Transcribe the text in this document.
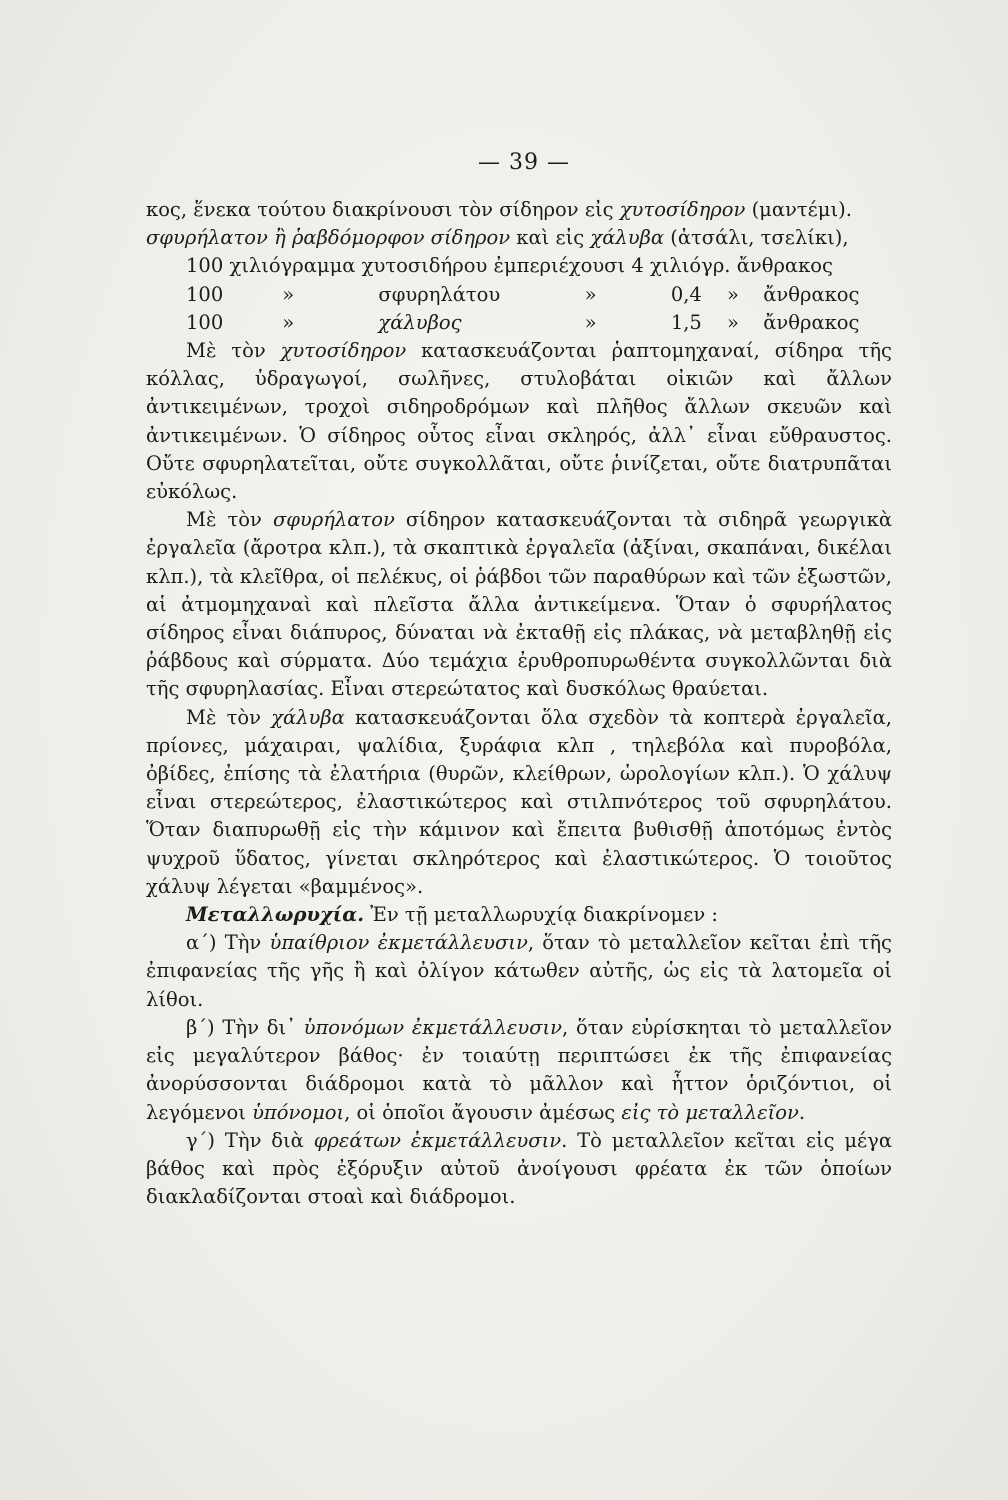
— 39 —

κος, ἕνεκα τούτου διακρίνουσι τὸν σίδηρον εἰς χυτοσίδηρον (μαντέμι).
σφυρήλατον ἢ ῥαβδόμορφον σίδηρον καὶ εἰς χάλυβα (ἀτσάλι, τσελίκι),

100 χιλιόγραμμα χυτοσιδήρου ἐμπεριέχουσι 4 χιλιόγρ. ἄνθρακος
100	»	σφυρηλάτου	»	0,4 » ἄνθρακος
100	»	χάλυβος	»	1,5 » ἄνθρακος

Μὲ τὸν χυτοσίδηρον κατασκευάζονται ῥαπτομηχαναί, σίδηρα τῆς κόλλας, ὑδραγωγοί, σωλῆνες, στυλοβάται οἰκιῶν καὶ ἄλλων ἀντικειμένων, τροχοὶ σιδηροδρόμων καὶ πλῆθος ἄλλων σκευῶν καὶ ἀντικειμένων. Ὁ σίδηρος οὗτος εἶναι σκληρός, ἀλλ᾽ εἶναι εὔθραυστος. Οὔτε σφυρηλατεῖται, οὔτε συγκολλᾶται, οὔτε ῥινίζεται, οὔτε διατρυπᾶται εὐκόλως.

Μὲ τὸν σφυρήλατον σίδηρον κατασκευάζονται τὰ σιδηρᾶ γεωργικὰ ἐργαλεῖα (ἄροτρα κλπ.), τὰ σκαπτικὰ ἐργαλεῖα (ἀξίναι, σκαπάναι, δικέλαι κλπ.), τὰ κλεῖθρα, οἱ πελέκυς, οἱ ῥάβδοι τῶν παραθύρων καὶ τῶν ἐξωστῶν, αἱ ἀτμομηχαναὶ καὶ πλεῖστα ἄλλα ἀντικείμενα. Ὅταν ὁ σφυρήλατος σίδηρος εἶναι διάπυρος, δύναται νὰ ἐκταθῇ εἰς πλάκας, νὰ μεταβληθῇ εἰς ῥάβδους καὶ σύρματα. Δύο τεμάχια ἐρυθροπυρωθέντα συγκολλῶνται διὰ τῆς σφυρηλασίας. Εἶναι στερεώτατος καὶ δυσκόλως θραύεται.

Μὲ τὸν χάλυβα κατασκευάζονται ὅλα σχεδὸν τὰ κοπτερὰ ἐργαλεῖα, πρίονες, μάχαιραι, ψαλίδια, ξυράφια κλπ , τηλεβόλα καὶ πυροβόλα, ὀβίδες, ἐπίσης τὰ ἐλατήρια (θυρῶν, κλείθρων, ὡρολογίων κλπ.). Ὁ χάλυψ εἶναι στερεώτερος, ἐλαστικώτερος καὶ στιλπνότερος τοῦ σφυρηλάτου. Ὅταν διαπυρωθῇ εἰς τὴν κάμινον καὶ ἔπειτα βυθισθῇ ἀποτόμως ἐντὸς ψυχροῦ ὕδατος, γίνεται σκληρότερος καὶ ἐλαστικώτερος. Ὁ τοιοῦτος χάλυψ λέγεται «βαμμένος».

Μεταλλωρυχία. Ἐν τῇ μεταλλωρυχίᾳ διακρίνομεν :

α΄) Τὴν ὑπαίθριον ἐκμετάλλευσιν, ὅταν τὸ μεταλλεῖον κεῖται ἐπὶ τῆς ἐπιφανείας τῆς γῆς ἢ καὶ ὀλίγον κάτωθεν αὐτῆς, ὡς εἰς τὰ λατομεῖα οἱ λίθοι.

β΄) Τὴν δι᾽ ὑπονόμων ἐκμετάλλευσιν, ὅταν εὑρίσκηται τὸ μεταλλεῖον εἰς μεγαλύτερον βάθος· ἐν τοιαύτῃ περιπτώσει ἐκ τῆς ἐπιφανείας ἀνορύσσονται διάδρομοι κατὰ τὸ μᾶλλον καὶ ἧττον ὁριζόντιοι, οἱ λεγόμενοι ὑπόνομοι, οἱ ὁποῖοι ἄγουσιν ἀμέσως εἰς τὸ μεταλλεῖον.

γ΄) Τὴν διὰ φρεάτων ἐκμετάλλευσιν. Τὸ μεταλλεῖον κεῖται εἰς μέγα βάθος καὶ πρὸς ἐξόρυξιν αὐτοῦ ἀνοίγουσι φρέατα ἐκ τῶν ὁποίων διακλαδίζονται στοαὶ καὶ διάδρομοι.
